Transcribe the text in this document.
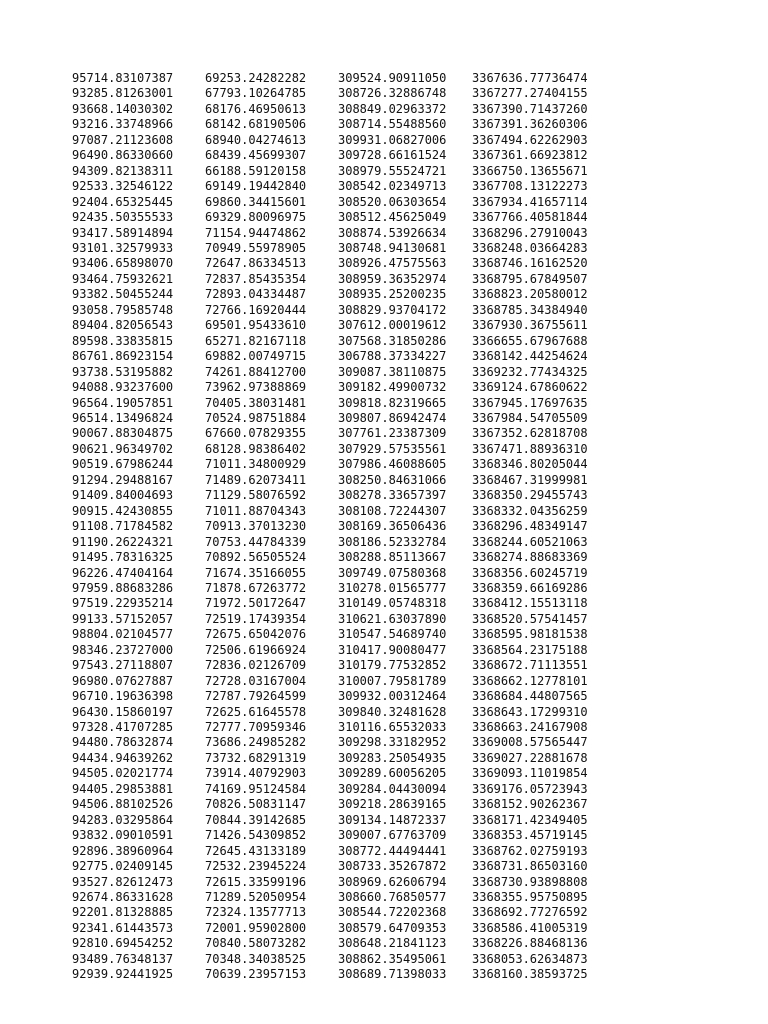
95714.83107387	69253.24282282	309524.90911050	3367636.77736474
93285.81263001	67793.10264785	308726.32886748	3367277.27404155
93668.14030302	68176.46950613	308849.02963372	3367390.71437260
93216.33748966	68142.68190506	308714.55488560	3367391.36260306
97087.21123608	68940.04274613	309931.06827006	3367494.62262903
96490.86330660	68439.45699307	309728.66161524	3367361.66923812
94309.82138311	66188.59120158	308979.55524721	3366750.13655671
92533.32546122	69149.19442840	308542.02349713	3367708.13122273
92404.65325445	69860.34415601	308520.06303654	3367934.41657114
92435.50355533	69329.80096975	308512.45625049	3367766.40581844
93417.58914894	71154.94474862	308874.53926634	3368296.27910043
93101.32579933	70949.55978905	308748.94130681	3368248.03664283
93406.65898070	72647.86334513	308926.47575563	3368746.16162520
93464.75932621	72837.85435354	308959.36352974	3368795.67849507
93382.50455244	72893.04334487	308935.25200235	3368823.20580012
93058.79585748	72766.16920444	308829.93704172	3368785.34384940
89404.82056543	69501.95433610	307612.00019612	3367930.36755611
89598.33835815	65271.82167118	307568.31850286	3366655.67967688
86761.86923154	69882.00749715	306788.37334227	3368142.44254624
93738.53195882	74261.88412700	309087.38110875	3369232.77434325
94088.93237600	73962.97388869	309182.49900732	3369124.67860622
96564.19057851	70405.38031481	309818.82319665	3367945.17697635
96514.13496824	70524.98751884	309807.86942474	3367984.54705509
90067.88304875	67660.07829355	307761.23387309	3367352.62818708
90621.96349702	68128.98386402	307929.57535561	3367471.88936310
90519.67986244	71011.34800929	307986.46088605	3368346.80205044
91294.29488167	71489.62073411	308250.84631066	3368467.31999981
91409.84004693	71129.58076592	308278.33657397	3368350.29455743
90915.42430855	71011.88704343	308108.72244307	3368332.04356259
91108.71784582	70913.37013230	308169.36506436	3368296.48349147
91190.26224321	70753.44784339	308186.52332784	3368244.60521063
91495.78316325	70892.56505524	308288.85113667	3368274.88683369
96226.47404164	71674.35166055	309749.07580368	3368356.60245719
97959.88683286	71878.67263772	310278.01565777	3368359.66169286
97519.22935214	71972.50172647	310149.05748318	3368412.15513118
99133.57152057	72519.17439354	310621.63037890	3368520.57541457
98804.02104577	72675.65042076	310547.54689740	3368595.98181538
98346.23727000	72506.61966924	310417.90080477	3368564.23175188
97543.27118807	72836.02126709	310179.77532852	3368672.71113551
96980.07627887	72728.03167004	310007.79581789	3368662.12778101
96710.19636398	72787.79264599	309932.00312464	3368684.44807565
96430.15860197	72625.61645578	309840.32481628	3368643.17299310
97328.41707285	72777.70959346	310116.65532033	3368663.24167908
94480.78632874	73686.24985282	309298.33182952	3369008.57565447
94434.94639262	73732.68291319	309283.25054935	3369027.22881678
94505.02021774	73914.40792903	309289.60056205	3369093.11019854
94405.29853881	74169.95124584	309284.04430094	3369176.05723943
94506.88102526	70826.50831147	309218.28639165	3368152.90262367
94283.03295864	70844.39142685	309134.14872337	3368171.42349405
93832.09010591	71426.54309852	309007.67763709	3368353.45719145
92896.38960964	72645.43133189	308772.44494441	3368762.02759193
92775.02409145	72532.23945224	308733.35267872	3368731.86503160
93527.82612473	72615.33599196	308969.62606794	3368730.93898808
92674.86331628	71289.52050954	308660.76850577	3368355.95750895
92201.81328885	72324.13577713	308544.72202368	3368692.77276592
92341.61443573	72001.95902800	308579.64709353	3368586.41005319
92810.69454252	70840.58073282	308648.21841123	3368226.88468136
93489.76348137	70348.34038525	308862.35495061	3368053.62634873
92939.92441925	70639.23957153	308689.71398033	3368160.38593725
